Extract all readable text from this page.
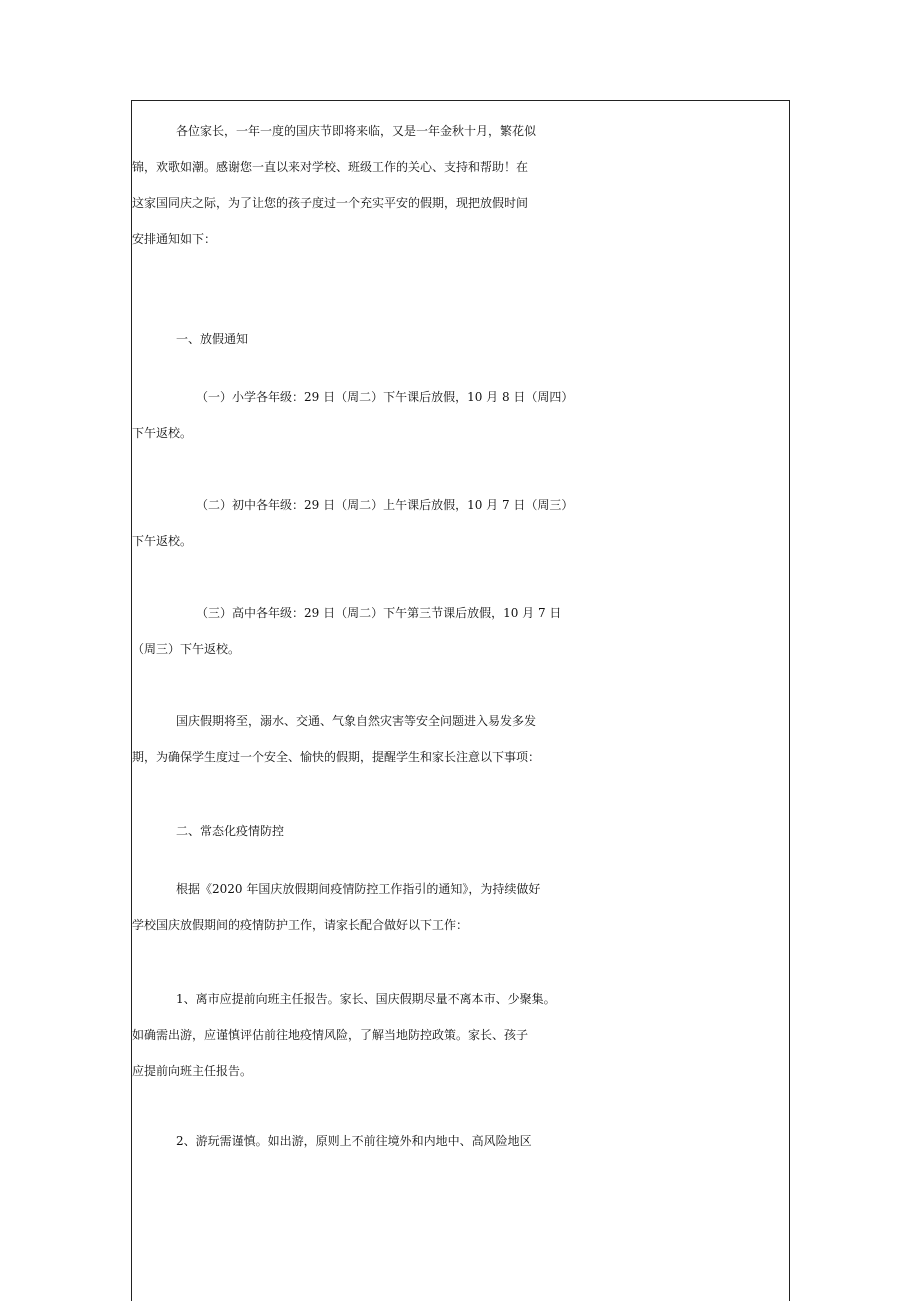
各位家长，一年一度的国庆节即将来临，又是一年金秋十月，繁花似
锦，欢歌如潮。感谢您一直以来对学校、班级工作的关心、支持和帮助！在
这家国同庆之际，为了让您的孩子度过一个充实平安的假期，现把放假时间
安排通知如下：
一、放假通知
（一）小学各年级：29 日（周二）下午课后放假，10 月 8 日（周四）
下午返校。
（二）初中各年级：29 日（周二）上午课后放假，10 月 7 日（周三）
下午返校。
（三）高中各年级：29 日（周二）下午第三节课后放假，10 月 7 日
（周三）下午返校。
国庆假期将至，溺水、交通、气象自然灾害等安全问题进入易发多发
期，为确保学生度过一个安全、愉快的假期，提醒学生和家长注意以下事项：
二、常态化疫情防控
根据《2020 年国庆放假期间疫情防控工作指引的通知》，为持续做好
学校国庆放假期间的疫情防护工作，请家长配合做好以下工作：
1、离市应提前向班主任报告。家长、国庆假期尽量不离本市、少聚集。
如确需出游，应谨慎评估前往地疫情风险，了解当地防控政策。家长、孩子
应提前向班主任报告。
2、游玩需谨慎。如出游，原则上不前往境外和内地中、高风险地区
